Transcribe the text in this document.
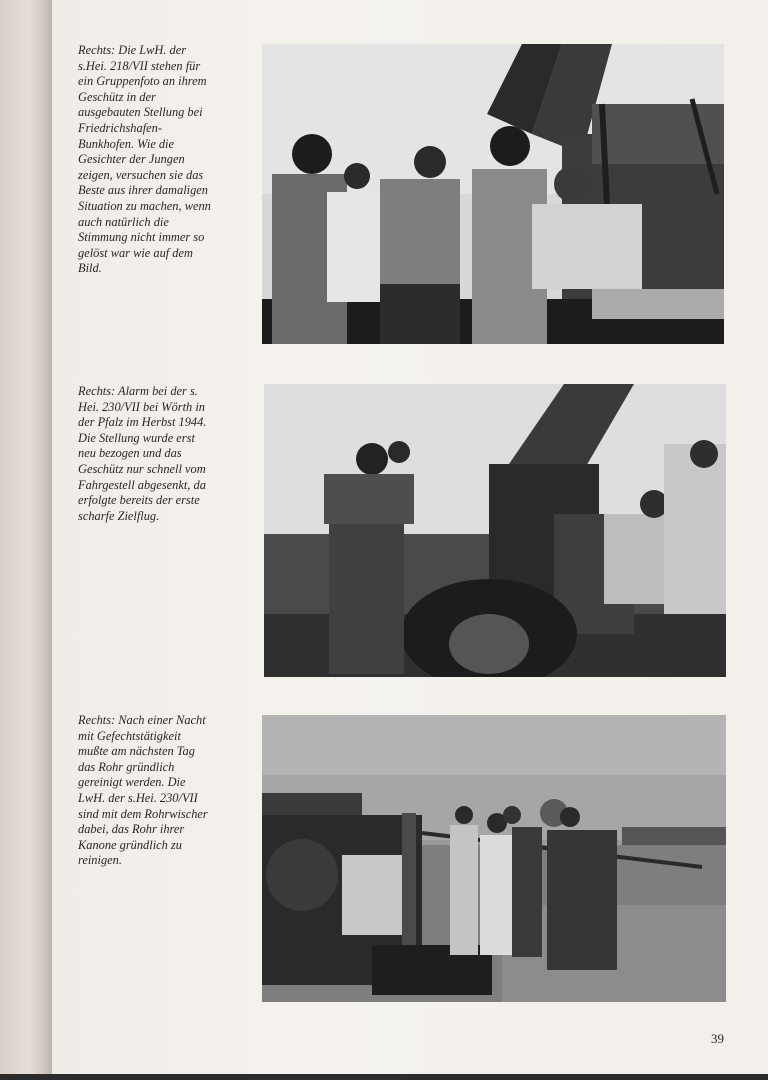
Rechts: Die LwH. der
s.Hei. 218/VII stehen für
ein Gruppenfoto an ihrem
Geschütz in der
ausgebauten Stellung bei
Friedrichshafen-
Bunkhofen. Wie die
Gesichter der Jungen
zeigen, versuchen sie das
Beste aus ihrer damaligen
Situation zu machen, wenn
auch natürlich die
Stimmung nicht immer so
gelöst war wie auf dem
Bild.
Rechts: Alarm bei der s.
Hei. 230/VII bei Wörth in
der Pfalz im Herbst 1944.
Die Stellung wurde erst
neu bezogen und das
Geschütz nur schnell vom
Fahrgestell abgesenkt, da
erfolgte bereits der erste
scharfe Zielflug.
Rechts: Nach einer Nacht
mit Gefechtstätigkeit
mußte am nächsten Tag
das Rohr gründlich
gereinigt werden. Die
LwH. der s.Hei. 230/VII
sind mit dem Rohrwischer
dabei, das Rohr ihrer
Kanone gründlich zu
reinigen.
39
